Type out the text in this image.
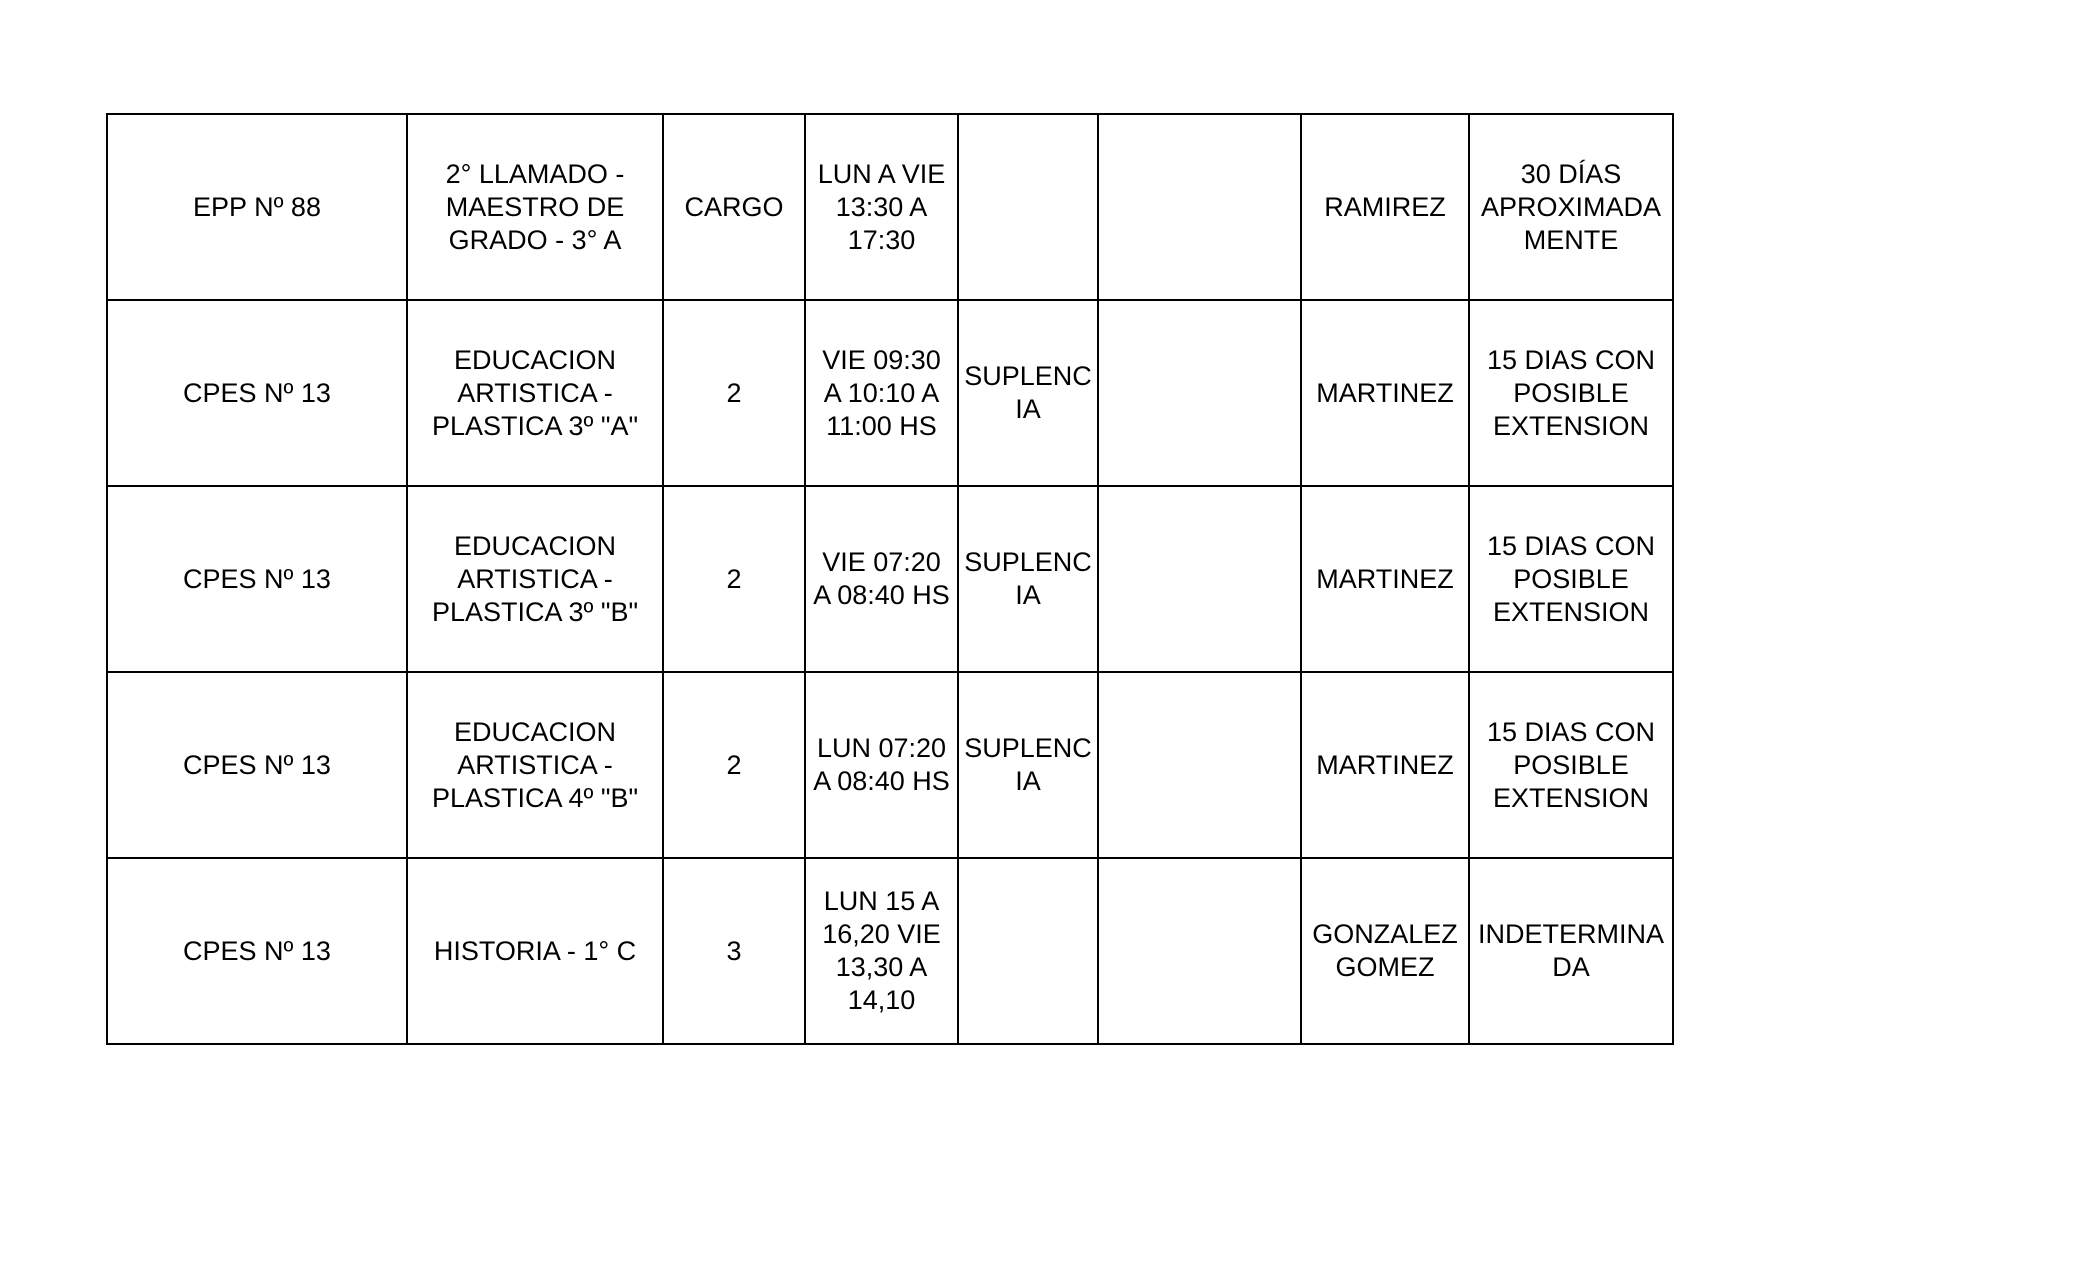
EPP Nº 88	2° LLAMADO -
MAESTRO DE
GRADO - 3° A	CARGO	LUN A VIE
13:30 A
17:30			RAMIREZ	30 DÍAS
APROXIMADA
MENTE
CPES Nº 13	EDUCACION
ARTISTICA -
PLASTICA 3º "A"	2	VIE 09:30
A 10:10 A
11:00 HS	SUPLENC
IA		MARTINEZ	15 DIAS CON
POSIBLE
EXTENSION
CPES Nº 13	EDUCACION
ARTISTICA -
PLASTICA 3º "B"	2	VIE 07:20
A 08:40 HS	SUPLENC
IA		MARTINEZ	15 DIAS CON
POSIBLE
EXTENSION
CPES Nº 13	EDUCACION
ARTISTICA -
PLASTICA 4º "B"	2	LUN 07:20
A 08:40 HS	SUPLENC
IA		MARTINEZ	15 DIAS CON
POSIBLE
EXTENSION
CPES Nº 13	HISTORIA - 1° C	3	LUN 15 A
16,20 VIE
13,30 A
14,10			GONZALEZ
GOMEZ	INDETERMINA
DA
